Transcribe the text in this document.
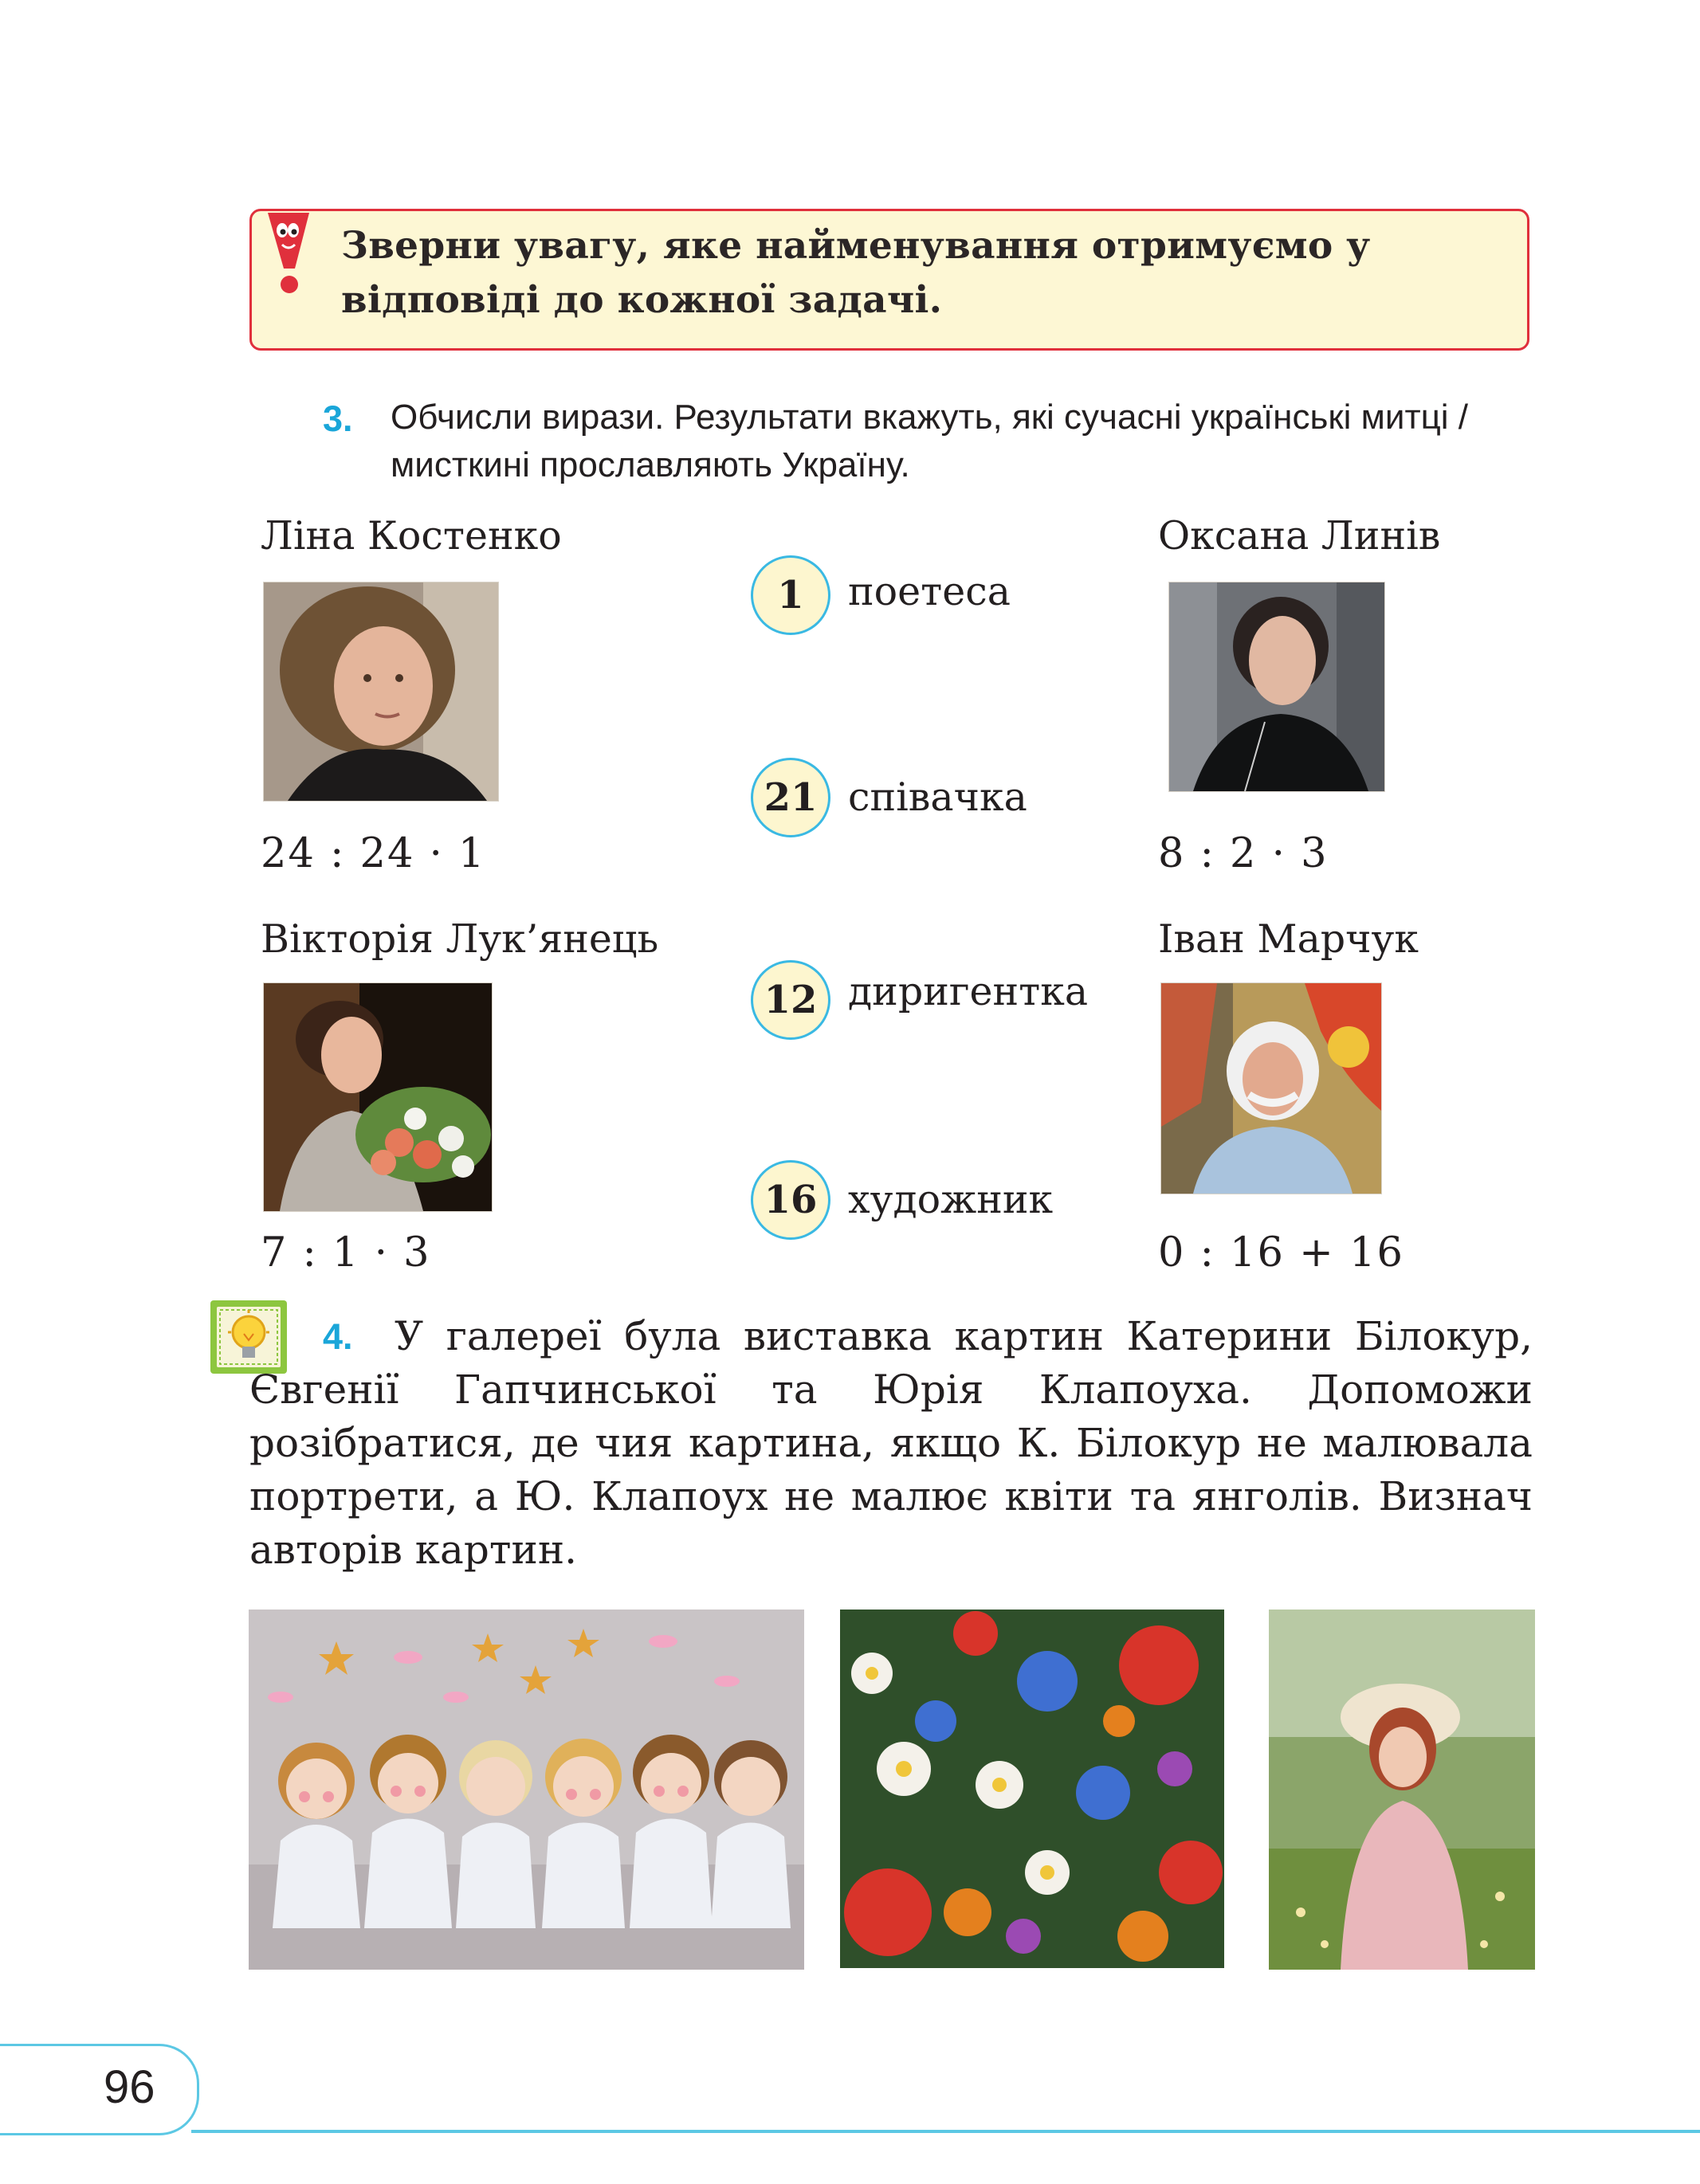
Зверни увагу, яке найменування отримуємо у відповіді до кожної задачі.
3. Обчисли вирази. Результати вкажуть, які сучасні українські митці / мисткині прославляють Україну.
Ліна Костенко
24 : 24 · 1
Оксана Линів
8 : 2 · 3
Вікторія Лук’янець
7 : 1 · 3
Іван Марчук
0 : 16 + 16
1	поетеса
21 співачка
12 диригентка
16 художник
У галереї була виставка картин Катерини Білокур, Євгенії Гапчинської та Юрія Клапоуха. Допоможи розібратися, де чия картина, якщо К. Білокур не малювала портрети, а Ю. Клапоух не малює квіти та янголів. Визнач авторів картин.
4.
96
